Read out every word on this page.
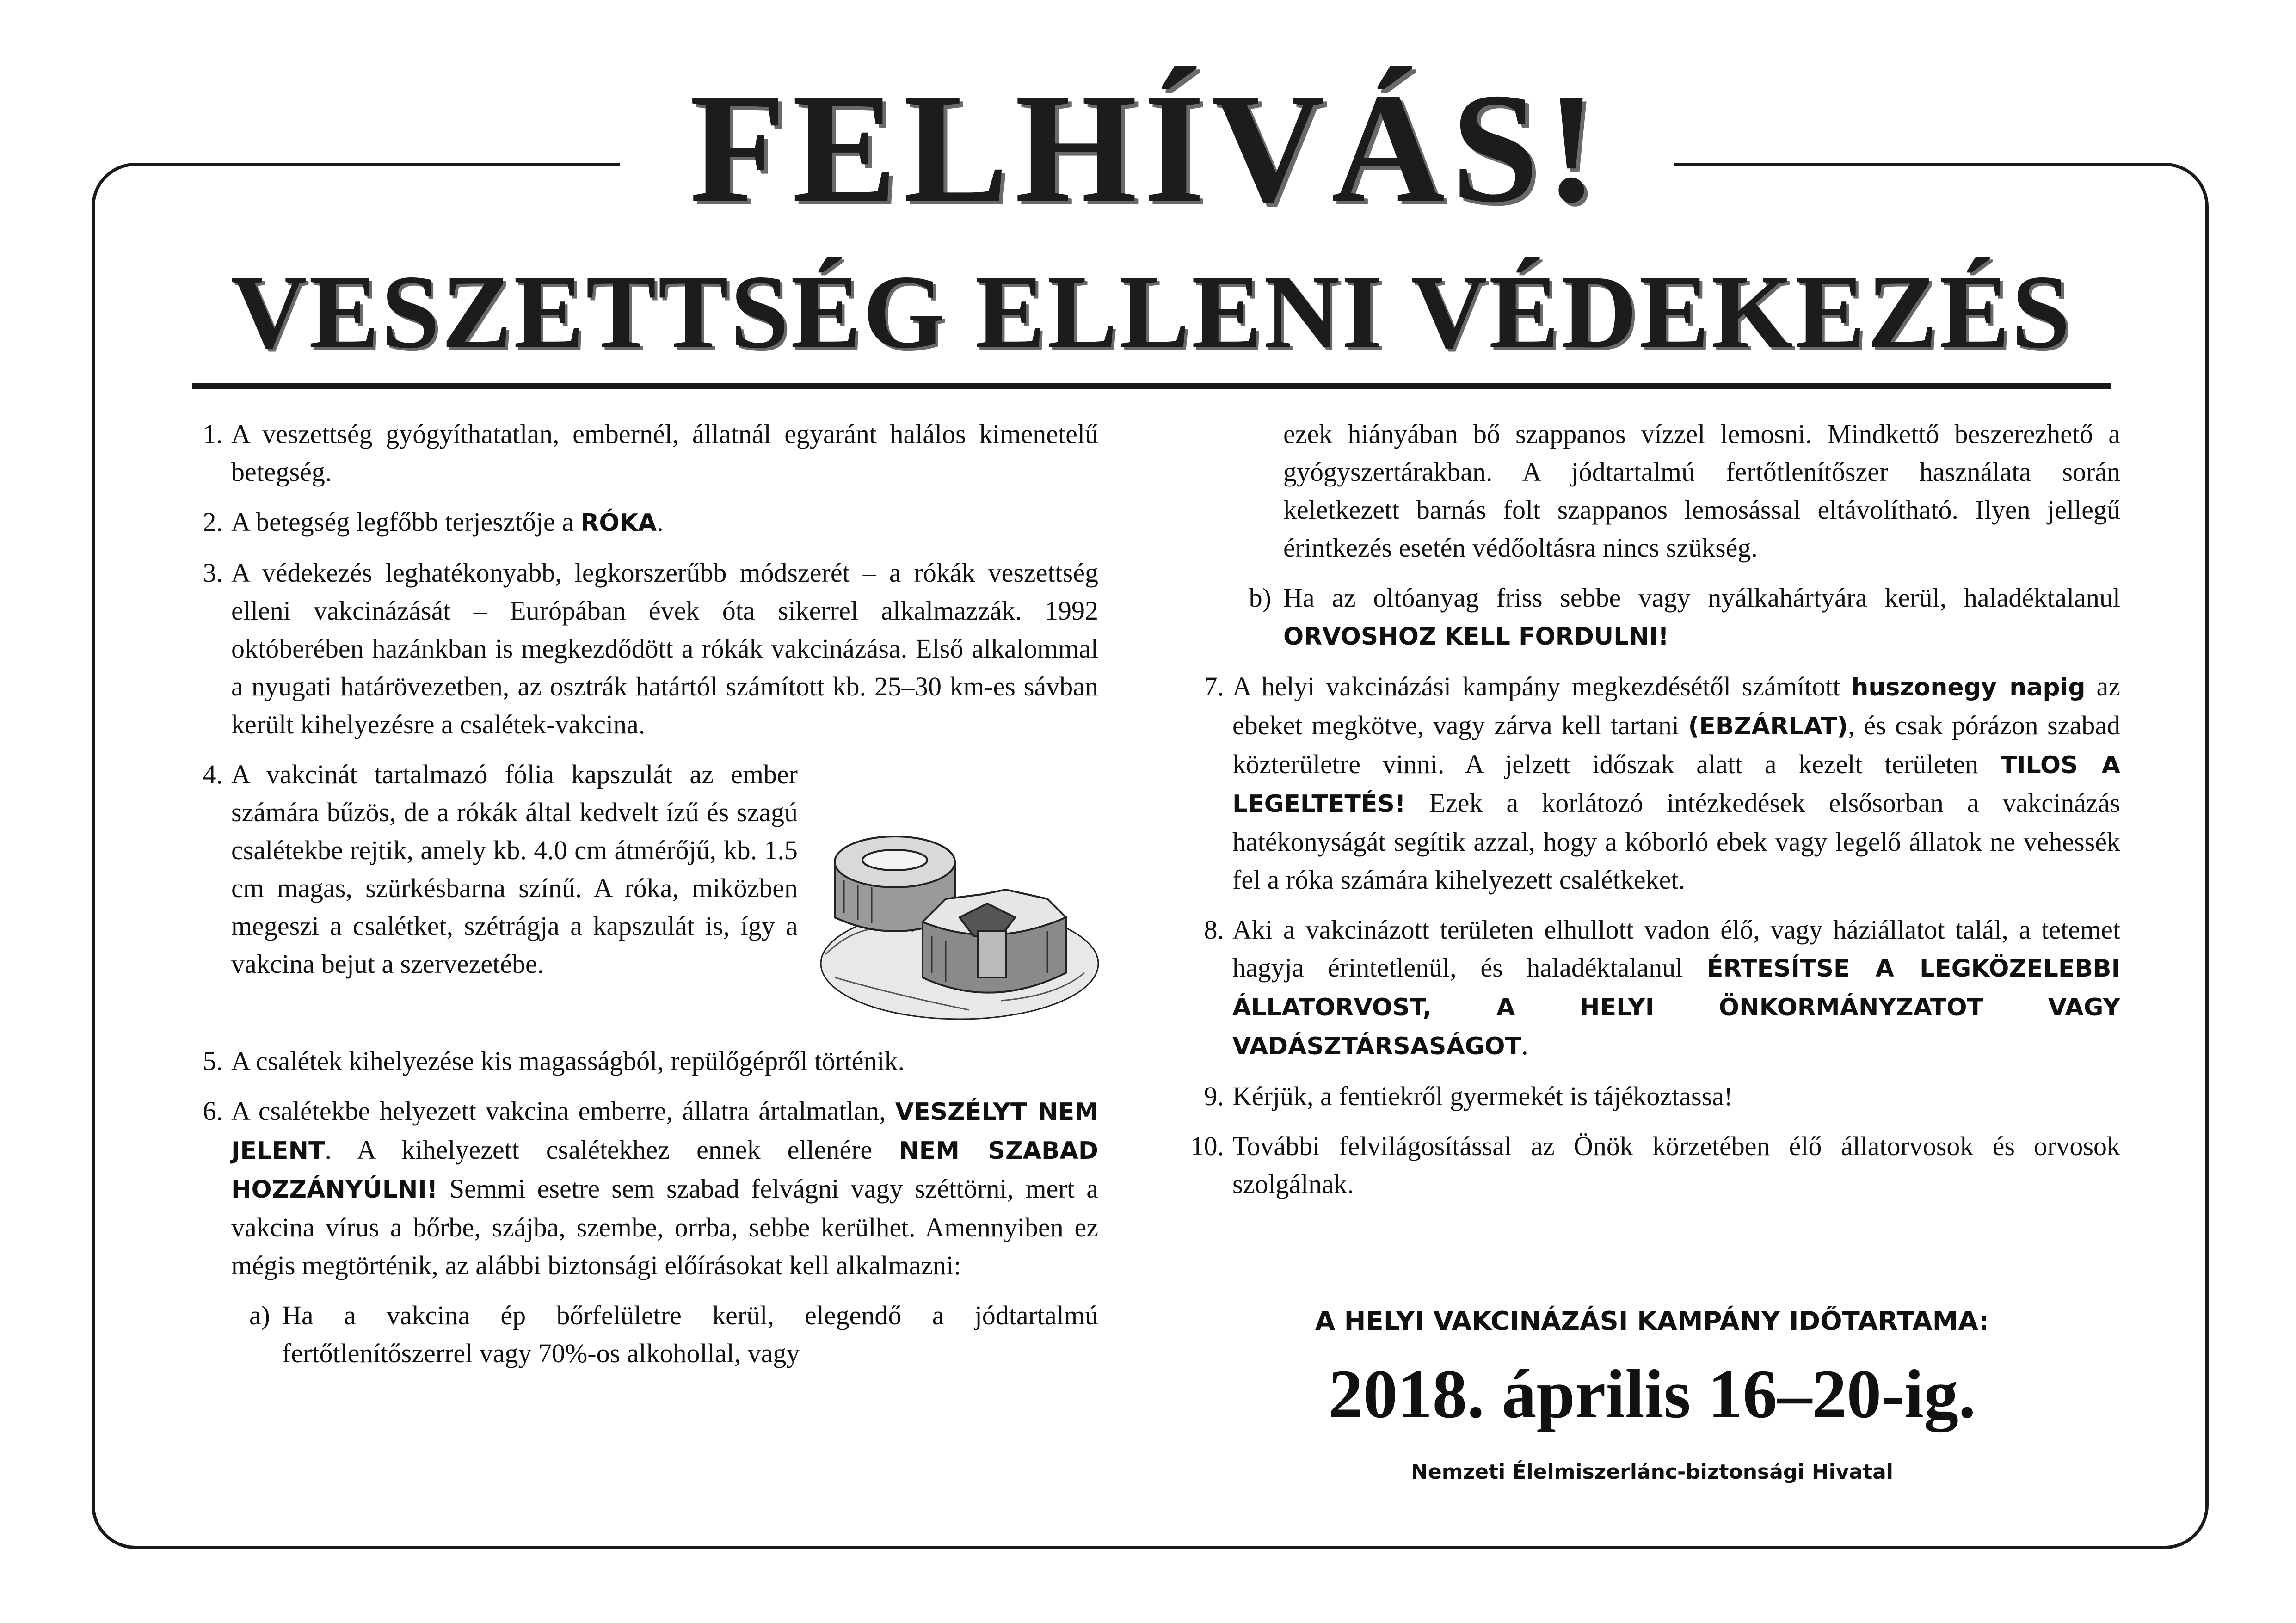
FELHÍVÁS!
VESZETTSÉG ELLENI VÉDEKEZÉS
1. A veszettség gyógyíthatatlan, embernél, állatnál egyaránt halálos kimenetelű betegség.
2. A betegség legfőbb terjesztője a RÓKA.
3. A védekezés leghatékonyabb, legkorszerűbb módszerét – a rókák veszettség elleni vakcinázását – Európában évek óta sikerrel alkalmazzák. 1992 októberében hazánkban is megkezdődött a rókák vakcinázása. Első alkalommal a nyugati határövezetben, az osztrák határtól számított kb. 25–30 km-es sávban került kihelyezésre a csalétek-vakcina.
4. A vakcinát tartalmazó fólia kapszulát az ember számára bűzös, de a rókák által kedvelt ízű és szagú csalétekbe rejtik, amely kb. 4.0 cm átmérőjű, kb. 1.5 cm magas, szürkésbarna színű. A róka, miközben megeszi a csalétket, szétrágja a kapszulát is, így a vakcina bejut a szervezetébe.
5. A csalétek kihelyezése kis magasságból, repülőgépről történik.
6. A csalétekbe helyezett vakcina emberre, állatra ártalmatlan, VESZÉLYT NEM JELENT. A kihelyezett csalétekhez ennek ellenére NEM SZABAD HOZZÁNYÚLNI! Semmi esetre sem szabad felvágni vagy széttörni, mert a vakcina vírus a bőrbe, szájba, szembe, orrba, sebbe kerülhet. Amennyiben ez mégis megtörténik, az alábbi biztonsági előírásokat kell alkalmazni:
a) Ha a vakcina ép bőrfelületre kerül, elegendő a jódtartalmú fertőtlenítőszerrel vagy 70%-os alkohollal, vagy
ezek hiányában bő szappanos vízzel lemosni. Mindkettő beszerezhető a gyógyszertárakban. A jódtartalmú fertőtlenítőszer használata során keletkezett barnás folt szappanos lemosással eltávolítható. Ilyen jellegű érintkezés esetén védőoltásra nincs szükség.
b) Ha az oltóanyag friss sebbe vagy nyálkahártyára kerül, haladéktalanul ORVOSHOZ KELL FORDULNI!
7. A helyi vakcinázási kampány megkezdésétől számított huszonegy napig az ebeket megkötve, vagy zárva kell tartani (EBZÁRLAT), és csak pórázon szabad közterületre vinni. A jelzett időszak alatt a kezelt területen TILOS A LEGELTETÉS! Ezek a korlátozó intézkedések elsősorban a vakcinázás hatékonyságát segítik azzal, hogy a kóborló ebek vagy legelő állatok ne vehessék fel a róka számára kihelyezett csalétkeket.
8. Aki a vakcinázott területen elhullott vadon élő, vagy háziállatot talál, a tetemet hagyja érintetlenül, és haladéktalanul ÉRTESÍTSE A LEGKÖZELEBBI ÁLLATORVOST, A HELYI ÖNKORMÁNYZATOT VAGY VADÁSZTÁRSASÁGOT.
9. Kérjük, a fentiekről gyermekét is tájékoztassa!
10. További felvilágosítással az Önök körzetében élő állatorvosok és orvosok szolgálnak.
A HELYI VAKCINÁZÁSI KAMPÁNY IDŐTARTAMA:
2018. április 16–20-ig.
Nemzeti Élelmiszerlánc-biztonsági Hivatal
